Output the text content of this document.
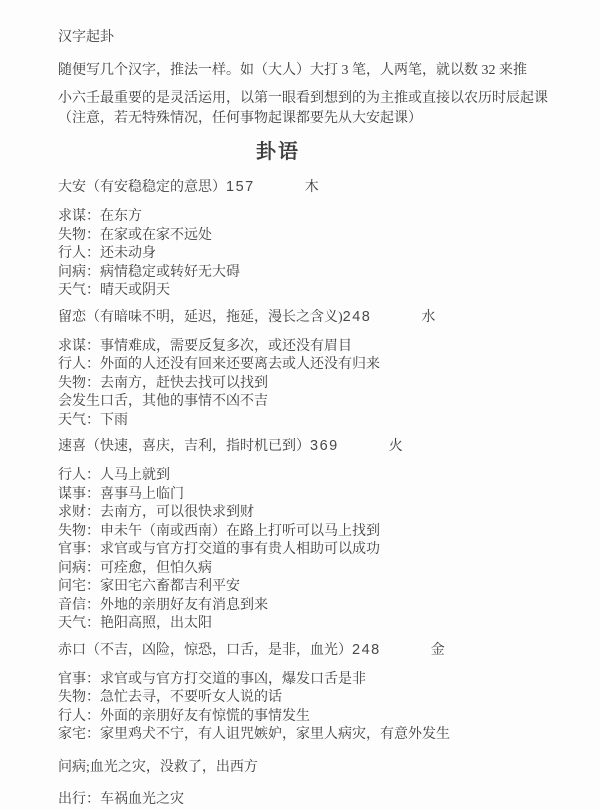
汉字起卦

随便写几个汉字，推法一样。如（大人）大打 3 笔，人两笔，就以数 32 来推

小六壬最重要的是灵活运用，以第一眼看到想到的为主推或直接以农历时辰起课
（注意，若无特殊情况，任何事物起课都要先从大安起课）

卦语

大安（有安稳稳定的意思）157	木

求谋：在东方

失物：在家或在家不远处

行人：还未动身

问病：病情稳定或转好无大碍

天气：晴天或阴天

留恋（有暗味不明，延迟，拖延，漫长之含义)248	水

求谋：事情难成，需要反复多次，或还没有眉目

行人：外面的人还没有回来还要离去或人还没有归来

失物：去南方，赶快去找可以找到

会发生口舌，其他的事情不凶不吉

天气：下雨

速喜（快速，喜庆，吉利，指时机已到）369	火

行人：人马上就到

谋事：喜事马上临门

求财：去南方，可以很快求到财

失物：申未午（南或西南）在路上打听可以马上找到

官事：求官或与官方打交道的事有贵人相助可以成功

问病：可痊愈，但怕久病

问宅：家田宅六畜都吉利平安

音信：外地的亲朋好友有消息到来

天气：艳阳高照，出太阳

赤口（不吉，凶险，惊恐，口舌，是非，血光）248	金

官事：求官或与官方打交道的事凶，爆发口舌是非

失物：急忙去寻，不要听女人说的话

行人：外面的亲朋好友有惊慌的事情发生

家宅：家里鸡犬不宁，有人诅咒嫉妒，家里人病灾，有意外发生

问病;血光之灾，没救了，出西方

出行：车祸血光之灾
